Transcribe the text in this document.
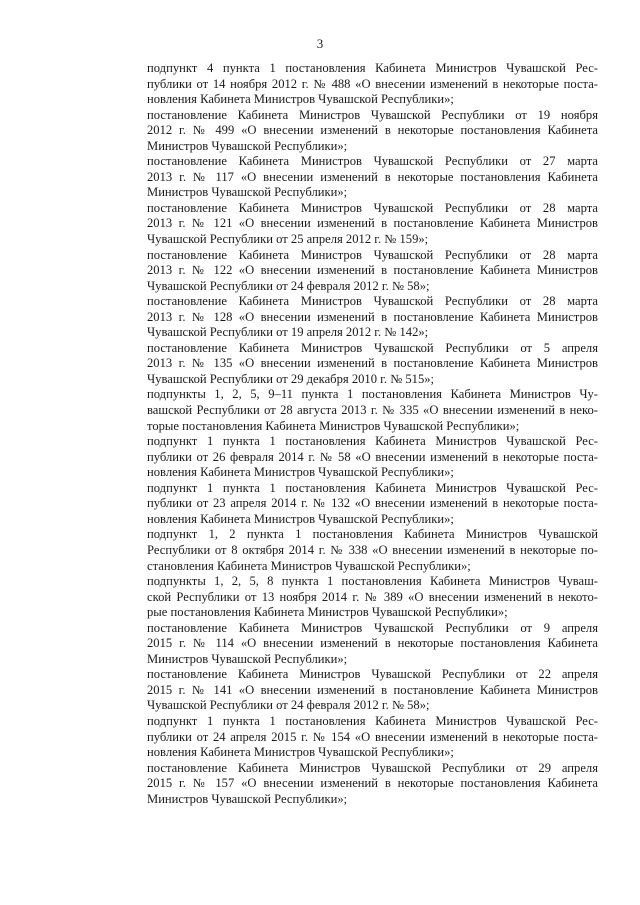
3

подпункт 4 пункта 1 постановления Кабинета Министров Чувашской Рес-
публики от 14 ноября 2012 г. № 488 «О внесении изменений в некоторые поста-
новления Кабинета Министров Чувашской Республики»;

постановление Кабинета Министров Чувашской Республики от 19 ноября
2012 г. № 499 «О внесении изменений в некоторые постановления Кабинета
Министров Чувашской Республики»;

постановление Кабинета Министров Чувашской Республики от 27 марта
2013 г. № 117 «О внесении изменений в некоторые постановления Кабинета
Министров Чувашской Республики»;

постановление Кабинета Министров Чувашской Республики от 28 марта
2013 г. № 121 «О внесении изменений в постановление Кабинета Министров
Чувашской Республики от 25 апреля 2012 г. № 159»;

постановление Кабинета Министров Чувашской Республики от 28 марта
2013 г. № 122 «О внесении изменений в постановление Кабинета Министров
Чувашской Республики от 24 февраля 2012 г. № 58»;

постановление Кабинета Министров Чувашской Республики от 28 марта
2013 г. № 128 «О внесении изменений в постановление Кабинета Министров
Чувашской Республики от 19 апреля 2012 г. № 142»;

постановление Кабинета Министров Чувашской Республики от 5 апреля
2013 г. № 135 «О внесении изменений в постановление Кабинета Министров
Чувашской Республики от 29 декабря 2010 г. № 515»;

подпункты 1, 2, 5, 9–11 пункта 1 постановления Кабинета Министров Чу-
вашской Республики от 28 августа 2013 г. № 335 «О внесении изменений в неко-
торые постановления Кабинета Министров Чувашской Республики»;

подпункт 1 пункта 1 постановления Кабинета Министров Чувашской Рес-
публики от 26 февраля 2014 г. № 58 «О внесении изменений в некоторые поста-
новления Кабинета Министров Чувашской Республики»;

подпункт 1 пункта 1 постановления Кабинета Министров Чувашской Рес-
публики от 23 апреля 2014 г. № 132 «О внесении изменений в некоторые поста-
новления Кабинета Министров Чувашской Республики»;

подпункт 1, 2 пункта 1 постановления Кабинета Министров Чувашской
Республики от 8 октября 2014 г. № 338 «О внесении изменений в некоторые по-
становления Кабинета Министров Чувашской Республики»;

подпункты 1, 2, 5, 8 пункта 1 постановления Кабинета Министров Чуваш-
ской Республики от 13 ноября 2014 г. № 389 «О внесении изменений в некото-
рые постановления Кабинета Министров Чувашской Республики»;

постановление Кабинета Министров Чувашской Республики от 9 апреля
2015 г. № 114 «О внесении изменений в некоторые постановления Кабинета
Министров Чувашской Республики»;

постановление Кабинета Министров Чувашской Республики от 22 апреля
2015 г. № 141 «О внесении изменений в постановление Кабинета Министров
Чувашской Республики от 24 февраля 2012 г. № 58»;

подпункт 1 пункта 1 постановления Кабинета Министров Чувашской Рес-
публики от 24 апреля 2015 г. № 154 «О внесении изменений в некоторые поста-
новления Кабинета Министров Чувашской Республики»;

постановление Кабинета Министров Чувашской Республики от 29 апреля
2015 г. № 157 «О внесении изменений в некоторые постановления Кабинета
Министров Чувашской Республики»;
